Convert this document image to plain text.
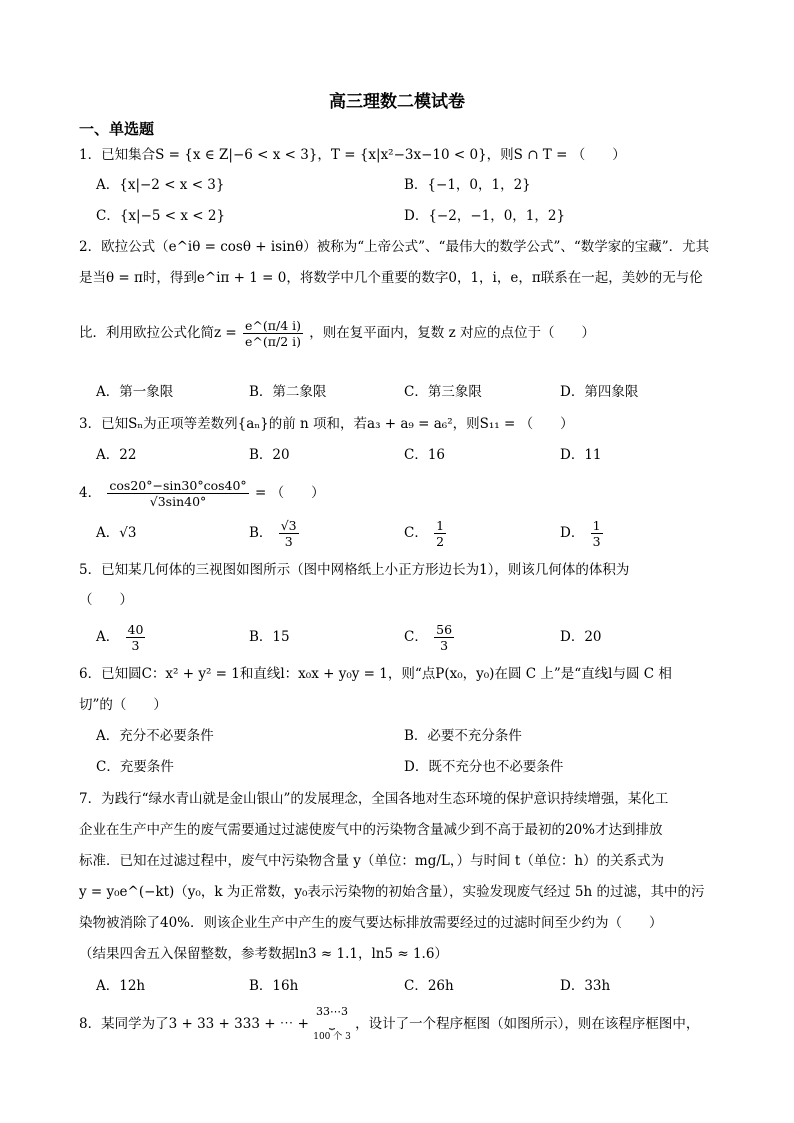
高三理数二模试卷
一、单选题
1．已知集合S = {x ∈ Z|−6 < x < 3}，T = {x|x²−3x−10 < 0}，则S ∩ T = （　　）
A．{x|−2 < x < 3}	B．{−1，0，1，2}
C．{x|−5 < x < 2}	D．{−2，−1，0，1，2}
2．欧拉公式（e^iθ = cosθ + isinθ）被称为“上帝公式”、“最伟大的数学公式”、“数学家的宝藏”．尤其
是当θ = π时，得到e^iπ + 1 = 0，将数学中几个重要的数字0，1，i，e，π联系在一起，美妙的无与伦
比．利用欧拉公式化简$z = \frac{e\^{}(\pi/4 i)}{e\^{}(\pi/2 i)}$ ，则在复平面内，复数 z 对应的点位于（　　）
A．第一象限	B．第二象限	C．第三象限	D．第四象限
3．已知Sₙ为正项等差数列{aₙ}的前 n 项和，若a₃ + a₉ = a₆²，则S₁₁ = （　　）
A．22	B．20	C．16	D．11
4． $\frac{\cos 20^\circ-\sin 30^\circ\cos 40^\circ}{√3\sin 40^\circ}$ = （　　）
A．√3	B． $\frac{√3}{3}$	C． $\frac{1}{2}$	D． $\frac{1}{3}$
5．已知某几何体的三视图如图所示（图中网格纸上小正方形边长为1），则该几何体的体积为
（　　）
A． $\frac{40}{3}$	B．15	C． $\frac{56}{3}$	D．20
6．已知圆C：x² + y² = 1和直线l：x₀x + y₀y = 1，则“点P(x₀，y₀)在圆 C 上”是“直线l与圆 C 相
切”的（　　）
A．充分不必要条件	B．必要不充分条件
C．充要条件	D．既不充分也不必要条件
7．为践行“绿水青山就是金山银山”的发展理念，全国各地对生态环境的保护意识持续增强，某化工
企业在生产中产生的废气需要通过过滤使废气中的污染物含量减少到不高于最初的20%才达到排放
标准．已知在过滤过程中，废气中污染物含量 y（单位：mg/L，）与时间 t（单位：h）的关系式为
y = y₀e^(−kt)（y₀，k 为正常数，y₀表示污染物的初始含量），实验发现废气经过 5h 的过滤，其中的污
染物被消除了40%．则该企业生产中产生的废气要达标排放需要经过的过滤时间至少约为（　　）
（结果四舍五入保留整数，参考数据ln3 ≈ 1.1，ln5 ≈ 1.6）
A．12h	B．16h	C．26h	D．33h
8．某同学为了3 + 33 + 333 + ⋯ +
33⋯3
⏟
100 个 3
，设计了一个程序框图（如图所示），则在该程序框图中，
